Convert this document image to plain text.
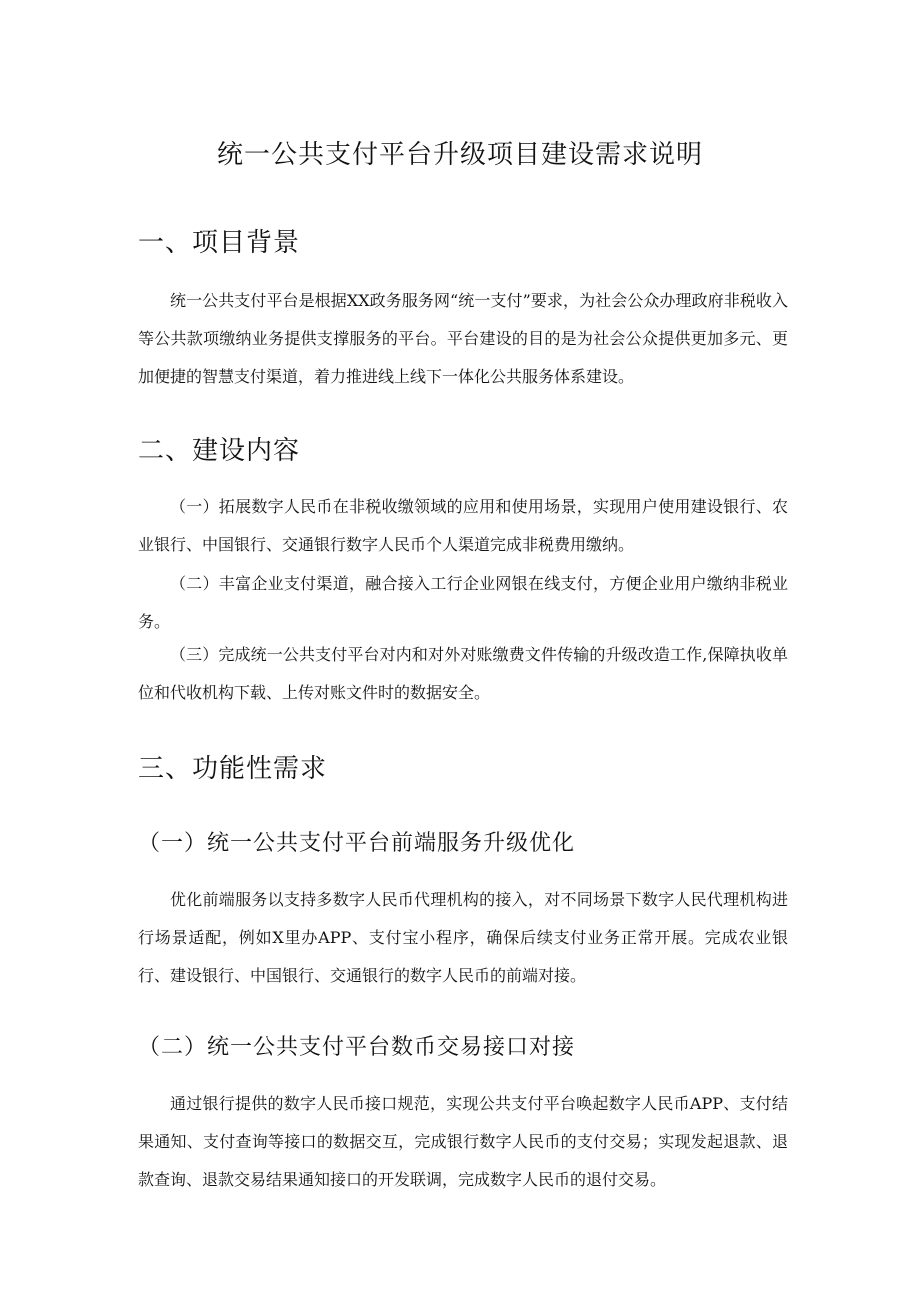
统一公共支付平台升级项目建设需求说明
一、项目背景

统一公共支付平台是根据XX政务服务网“统一支付”要求，为社会公众办理政府非税收入等公共款项缴纳业务提供支撑服务的平台。平台建设的目的是为社会公众提供更加多元、更加便捷的智慧支付渠道，着力推进线上线下一体化公共服务体系建设。

二、建设内容

（一）拓展数字人民币在非税收缴领域的应用和使用场景，实现用户使用建设银行、农业银行、中国银行、交通银行数字人民币个人渠道完成非税费用缴纳。

（二）丰富企业支付渠道，融合接入工行企业网银在线支付，方便企业用户缴纳非税业务。

（三）完成统一公共支付平台对内和对外对账缴费文件传输的升级改造工作,保障执收单位和代收机构下载、上传对账文件时的数据安全。

三、功能性需求
（一）统一公共支付平台前端服务升级优化

优化前端服务以支持多数字人民币代理机构的接入，对不同场景下数字人民代理机构进行场景适配，例如X里办APP、支付宝小程序，确保后续支付业务正常开展。完成农业银行、建设银行、中国银行、交通银行的数字人民币的前端对接。

（二）统一公共支付平台数币交易接口对接

通过银行提供的数字人民币接口规范，实现公共支付平台唤起数字人民币APP、支付结果通知、支付查询等接口的数据交互，完成银行数字人民币的支付交易；实现发起退款、退款查询、退款交易结果通知接口的开发联调，完成数字人民币的退付交易。
